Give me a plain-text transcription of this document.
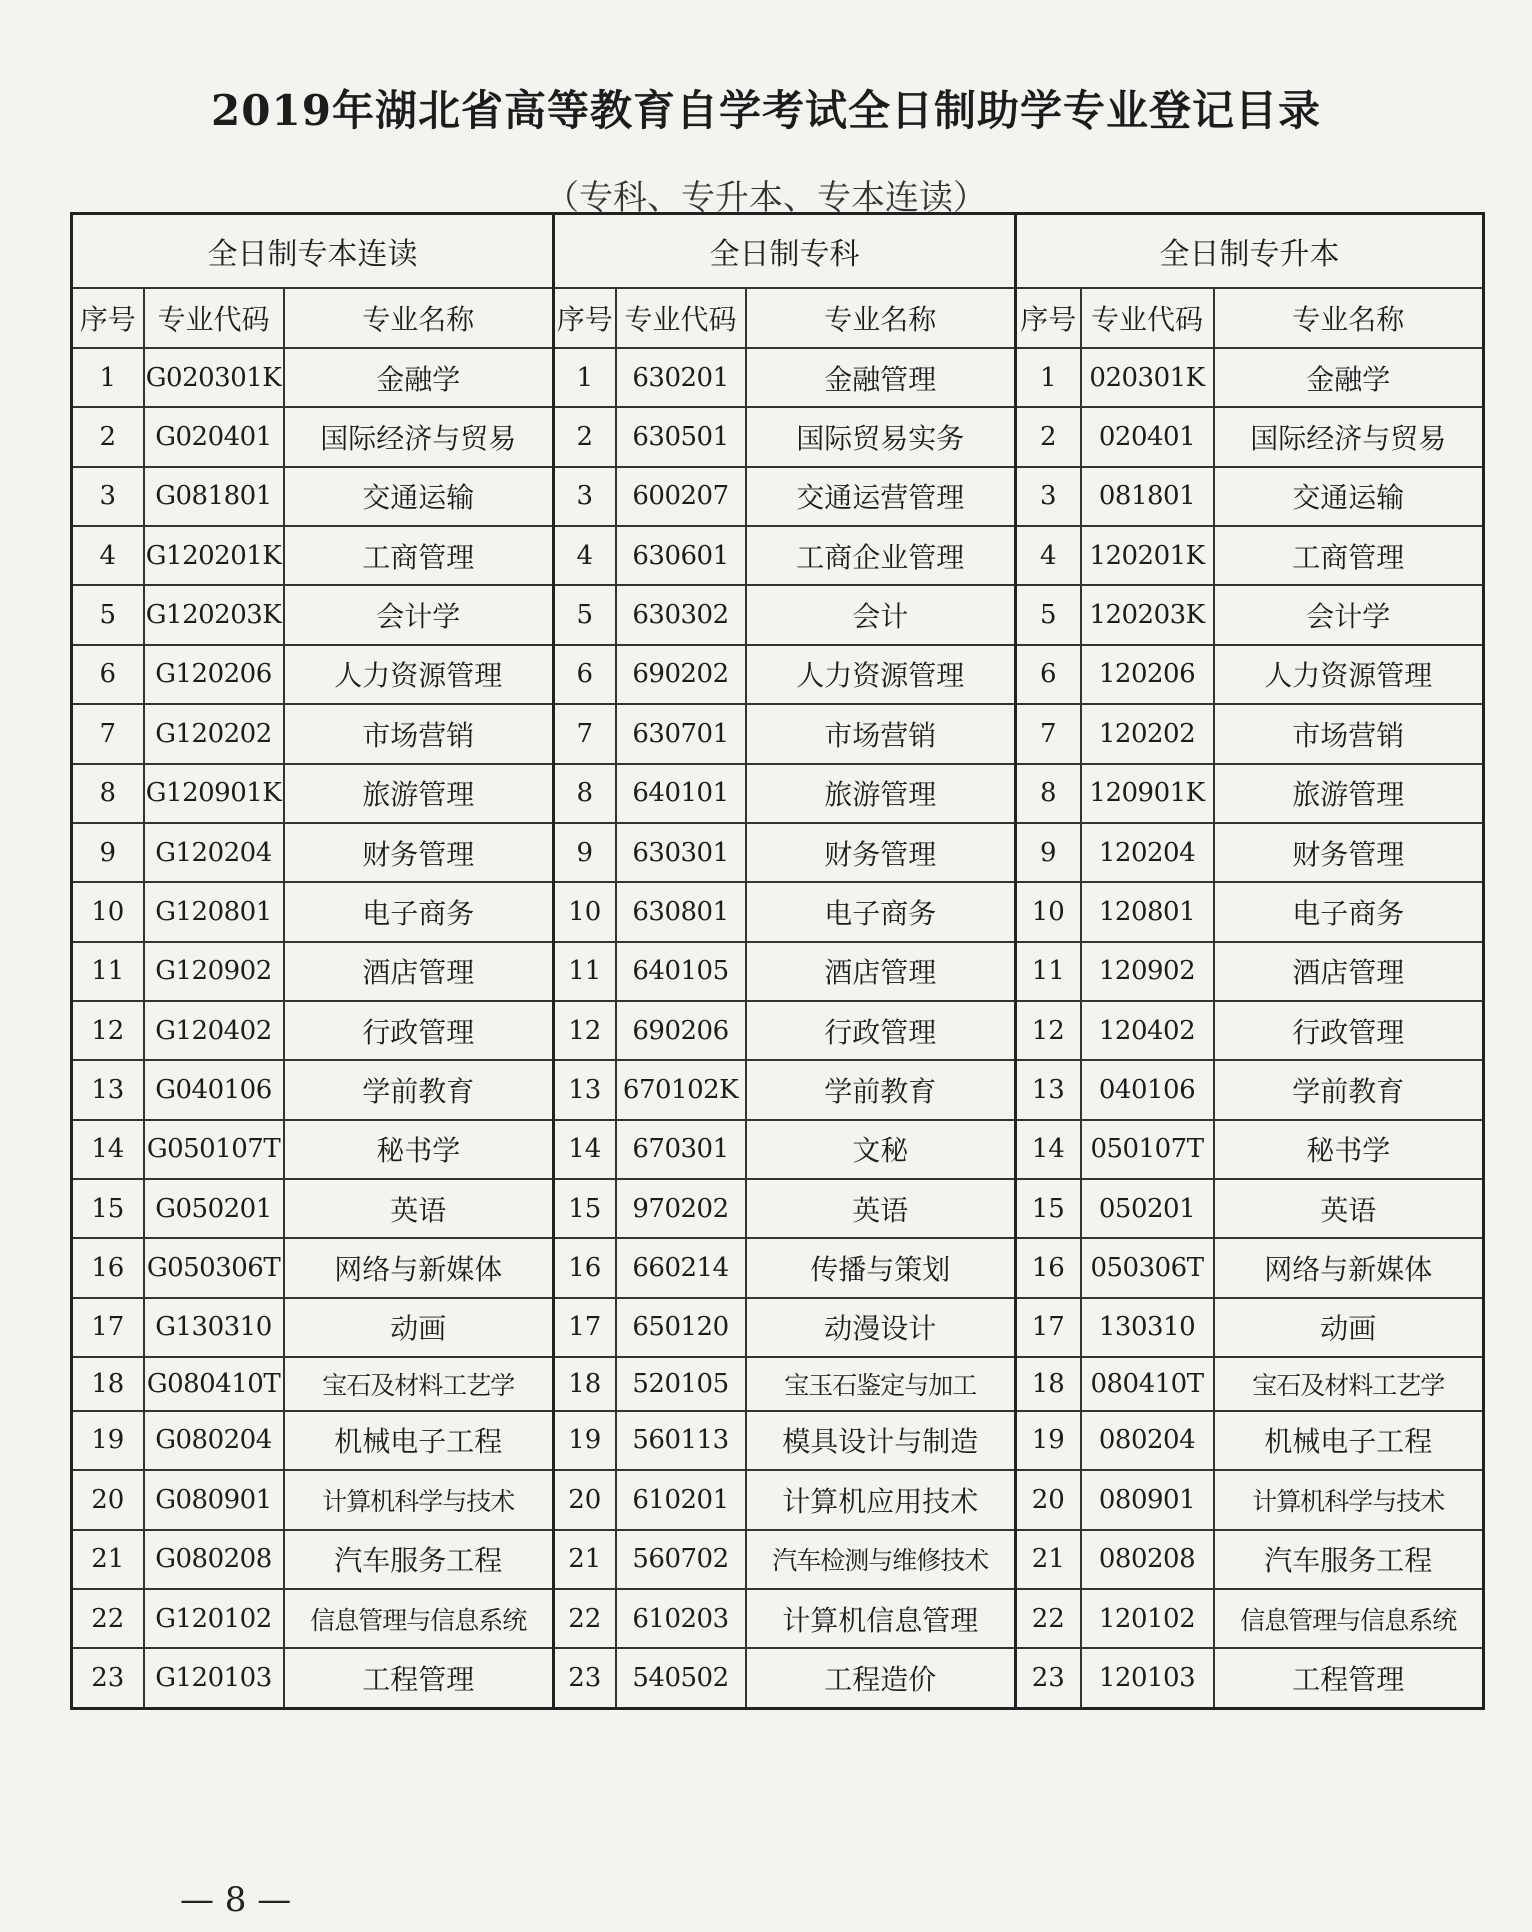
2019年湖北省高等教育自学考试全日制助学专业登记目录
（专科、专升本、专本连读）
全日制专本连读			全日制专科			全日制专升本		
序号	专业代码	专业名称	序号	专业代码	专业名称	序号	专业代码	专业名称
1	G020301K	金融学	1	630201	金融管理	1	020301K	金融学
2	G020401	国际经济与贸易	2	630501	国际贸易实务	2	020401	国际经济与贸易
3	G081801	交通运输	3	600207	交通运营管理	3	081801	交通运输
4	G120201K	工商管理	4	630601	工商企业管理	4	120201K	工商管理
5	G120203K	会计学	5	630302	会计	5	120203K	会计学
6	G120206	人力资源管理	6	690202	人力资源管理	6	120206	人力资源管理
7	G120202	市场营销	7	630701	市场营销	7	120202	市场营销
8	G120901K	旅游管理	8	640101	旅游管理	8	120901K	旅游管理
9	G120204	财务管理	9	630301	财务管理	9	120204	财务管理
10	G120801	电子商务	10	630801	电子商务	10	120801	电子商务
11	G120902	酒店管理	11	640105	酒店管理	11	120902	酒店管理
12	G120402	行政管理	12	690206	行政管理	12	120402	行政管理
13	G040106	学前教育	13	670102K	学前教育	13	040106	学前教育
14	G050107T	秘书学	14	670301	文秘	14	050107T	秘书学
15	G050201	英语	15	970202	英语	15	050201	英语
16	G050306T	网络与新媒体	16	660214	传播与策划	16	050306T	网络与新媒体
17	G130310	动画	17	650120	动漫设计	17	130310	动画
18	G080410T	宝石及材料工艺学	18	520105	宝玉石鉴定与加工	18	080410T	宝石及材料工艺学
19	G080204	机械电子工程	19	560113	模具设计与制造	19	080204	机械电子工程
20	G080901	计算机科学与技术	20	610201	计算机应用技术	20	080901	计算机科学与技术
21	G080208	汽车服务工程	21	560702	汽车检测与维修技术	21	080208	汽车服务工程
22	G120102	信息管理与信息系统	22	610203	计算机信息管理	22	120102	信息管理与信息系统
23	G120103	工程管理	23	540502	工程造价	23	120103	工程管理
— 8 —
